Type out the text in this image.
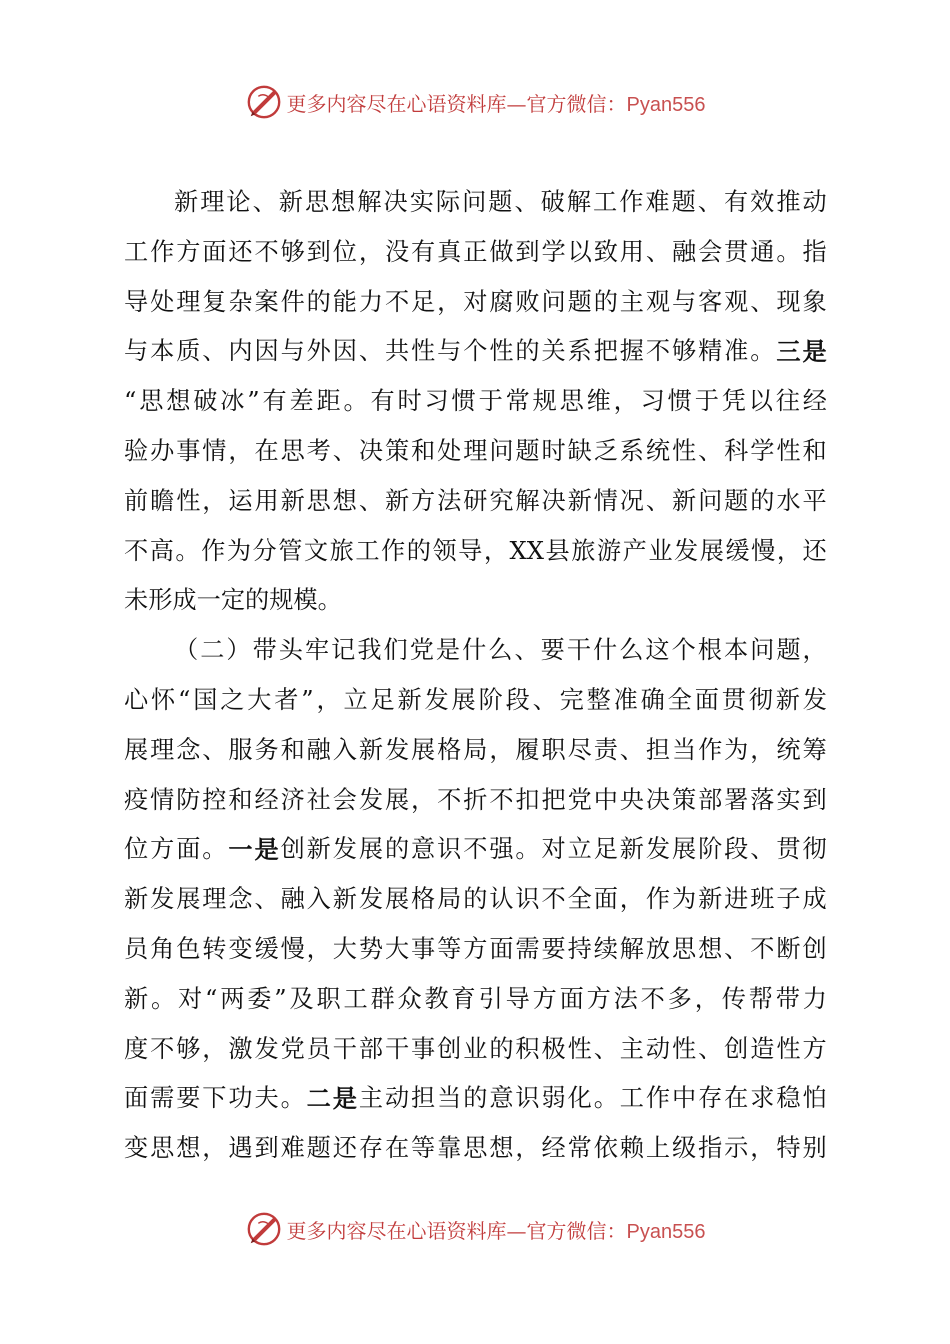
更多内容尽在心语资料库—官方微信：Pyan556
新 理 论 、 新 思 想 解 决 实 际 问 题 、 破 解 工 作 难 题 、 有 效 推 动
工 作 方 面 还 不 够 到 位 ， 没 有 真 正 做 到 学 以 致 用 、 融 会 贯 通 。 指
导 处 理 复 杂 案 件 的 能 力 不 足 ， 对 腐 败 问 题 的 主 观 与 客 观 、 现 象
与 本 质 、 内 因 与 外 因 、 共 性 与 个 性 的 关 系 把 握 不 够 精 准 。 三 是
“ 思 想 破 冰 ” 有 差 距 。 有 时 习 惯 于 常 规 思 维 ， 习 惯 于 凭 以 往 经
验 办 事 情 ， 在 思 考 、 决 策 和 处 理 问 题 时 缺 乏 系 统 性 、 科 学 性 和
前 瞻 性 ， 运 用 新 思 想 、 新 方 法 研 究 解 决 新 情 况 、 新 问 题 的 水 平
不 高 。 作 为 分 管 文 旅 工 作 的 领 导 ， XX 县 旅 游 产 业 发 展 缓 慢 ， 还
未 形 成 一 定 的 规 模 。
（ 二 ） 带 头 牢 记 我 们 党 是 什 么 、 要 干 什 么 这 个 根 本 问 题 ，
心 怀 “ 国 之 大 者 ” ， 立 足 新 发 展 阶 段 、 完 整 准 确 全 面 贯 彻 新 发
展 理 念 、 服 务 和 融 入 新 发 展 格 局 ， 履 职 尽 责 、 担 当 作 为 ， 统 筹
疫 情 防 控 和 经 济 社 会 发 展 ， 不 折 不 扣 把 党 中 央 决 策 部 署 落 实 到
位 方 面 。 一 是 创 新 发 展 的 意 识 不 强 。 对 立 足 新 发 展 阶 段 、 贯 彻
新 发 展 理 念 、 融 入 新 发 展 格 局 的 认 识 不 全 面 ， 作 为 新 进 班 子 成
员 角 色 转 变 缓 慢 ， 大 势 大 事 等 方 面 需 要 持 续 解 放 思 想 、 不 断 创
新 。 对 “ 两 委 ” 及 职 工 群 众 教 育 引 导 方 面 方 法 不 多 ， 传 帮 带 力
度 不 够 ， 激 发 党 员 干 部 干 事 创 业 的 积 极 性 、 主 动 性 、 创 造 性 方
面 需 要 下 功 夫 。 二 是 主 动 担 当 的 意 识 弱 化 。 工 作 中 存 在 求 稳 怕
变 思 想 ， 遇 到 难 题 还 存 在 等 靠 思 想 ， 经 常 依 赖 上 级 指 示 ， 特 别
更多内容尽在心语资料库—官方微信：Pyan556
